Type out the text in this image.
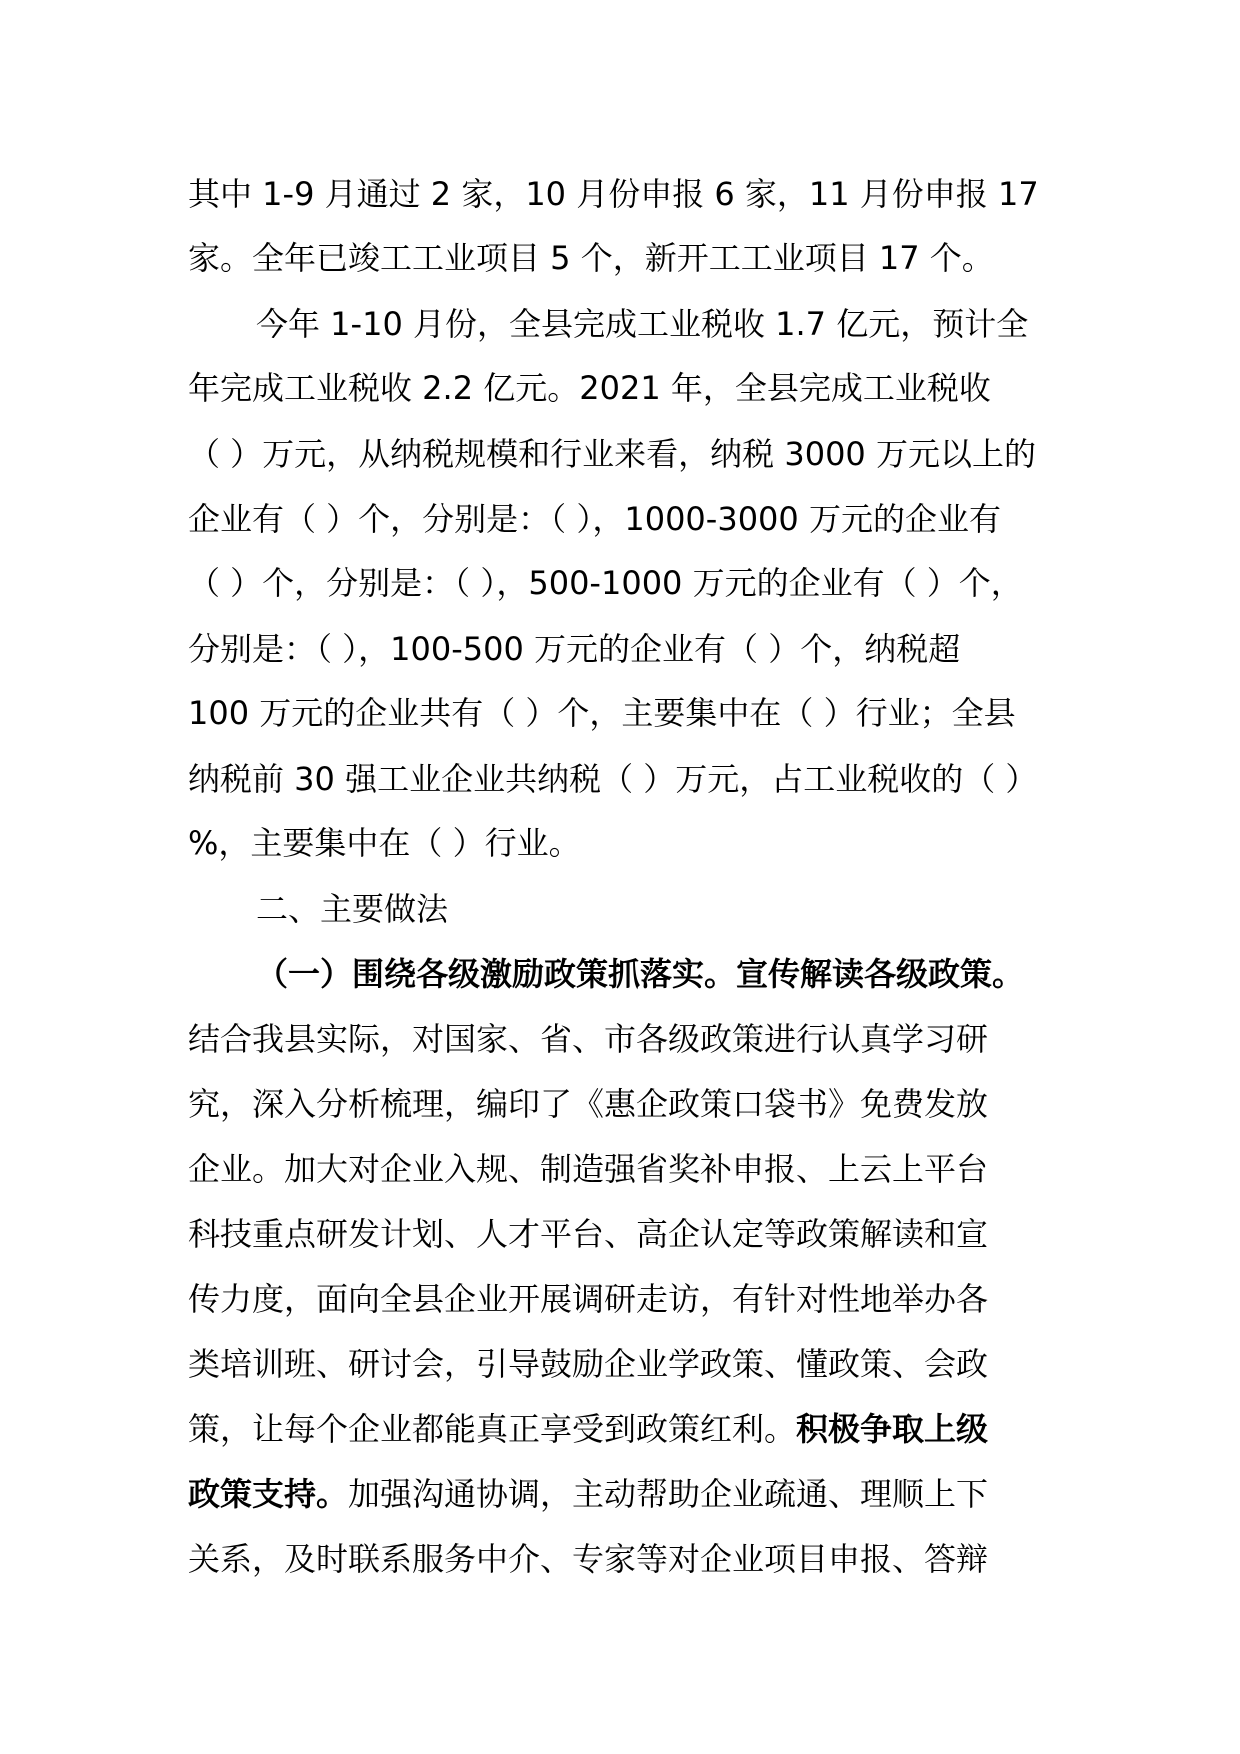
其中 1-9 月通过 2 家，10 月份申报 6 家，11 月份申报 17
家。全年已竣工工业项目 5 个，新开工工业项目 17 个。
今年 1-10 月份，全县完成工业税收 1.7 亿元，预计全
年完成工业税收 2.2 亿元。2021 年，全县完成工业税收
（ ）万元，从纳税规模和行业来看，纳税 3000 万元以上的
企业有（ ）个，分别是：（ ），1000-3000 万元的企业有
（ ）个，分别是：（ ），500-1000 万元的企业有（ ）个，
分别是：（ ），100-500 万元的企业有（ ）个，纳税超
100 万元的企业共有（ ）个，主要集中在（ ）行业；全县
纳税前 30 强工业企业共纳税（ ）万元，占工业税收的（ ）
%，主要集中在（ ）行业。
二、主要做法
（一）围绕各级激励政策抓落实。宣传解读各级政策。
结合我县实际，对国家、省、市各级政策进行认真学习研
究，深入分析梳理，编印了《惠企政策口袋书》免费发放
企业。加大对企业入规、制造强省奖补申报、上云上平台
科技重点研发计划、人才平台、高企认定等政策解读和宣
传力度，面向全县企业开展调研走访，有针对性地举办各
类培训班、研讨会，引导鼓励企业学政策、懂政策、会政
策，让每个企业都能真正享受到政策红利。积极争取上级
政策支持。加强沟通协调，主动帮助企业疏通、理顺上下
关系，及时联系服务中介、专家等对企业项目申报、答辩
